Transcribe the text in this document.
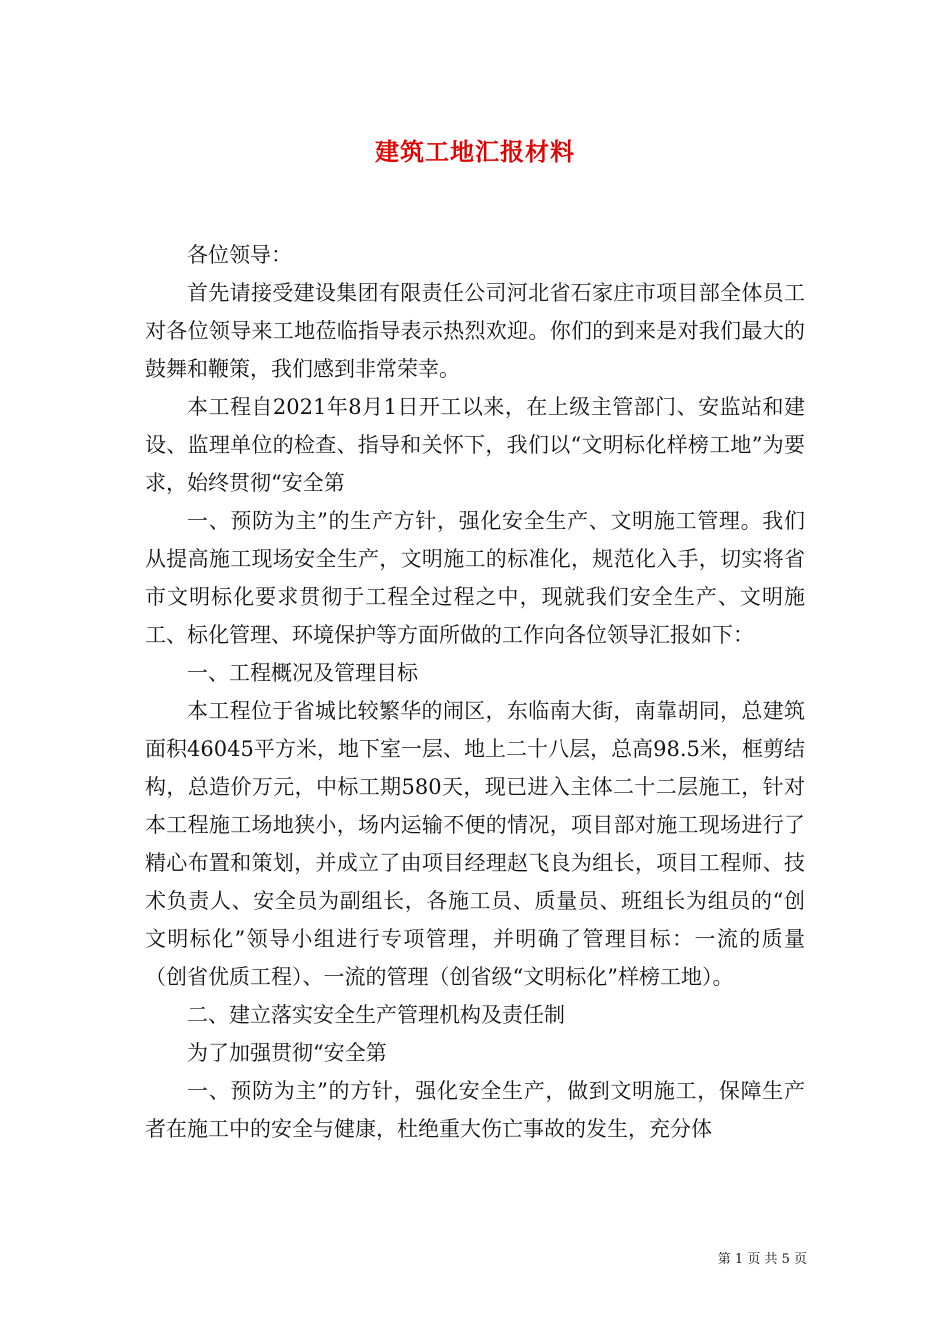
建筑工地汇报材料

各位领导：

首先请接受建设集团有限责任公司河北省石家庄市项目部全体员工对各位领导来工地莅临指导表示热烈欢迎。你们的到来是对我们最大的鼓舞和鞭策，我们感到非常荣幸。

本工程自2021年8月1日开工以来，在上级主管部门、安监站和建设、监理单位的检查、指导和关怀下，我们以“文明标化样榜工地”为要求，始终贯彻“安全第

一、预防为主”的生产方针，强化安全生产、文明施工管理。我们从提高施工现场安全生产，文明施工的标准化，规范化入手，切实将省市文明标化要求贯彻于工程全过程之中，现就我们安全生产、文明施工、标化管理、环境保护等方面所做的工作向各位领导汇报如下：

一、工程概况及管理目标

本工程位于省城比较繁华的闹区，东临南大街，南靠胡同，总建筑面积46045平方米，地下室一层、地上二十八层，总高98.5米，框剪结构，总造价万元，中标工期580天，现已进入主体二十二层施工，针对本工程施工场地狭小，场内运输不便的情况，项目部对施工现场进行了精心布置和策划，并成立了由项目经理赵飞良为组长，项目工程师、技术负责人、安全员为副组长，各施工员、质量员、班组长为组员的“创文明标化”领导小组进行专项管理，并明确了管理目标：一流的质量（创省优质工程）、一流的管理（创省级“文明标化”样榜工地）。

二、建立落实安全生产管理机构及责任制

为了加强贯彻“安全第

一、预防为主”的方针，强化安全生产，做到文明施工，保障生产者在施工中的安全与健康，杜绝重大伤亡事故的发生，充分体

第 1 页 共 5 页
